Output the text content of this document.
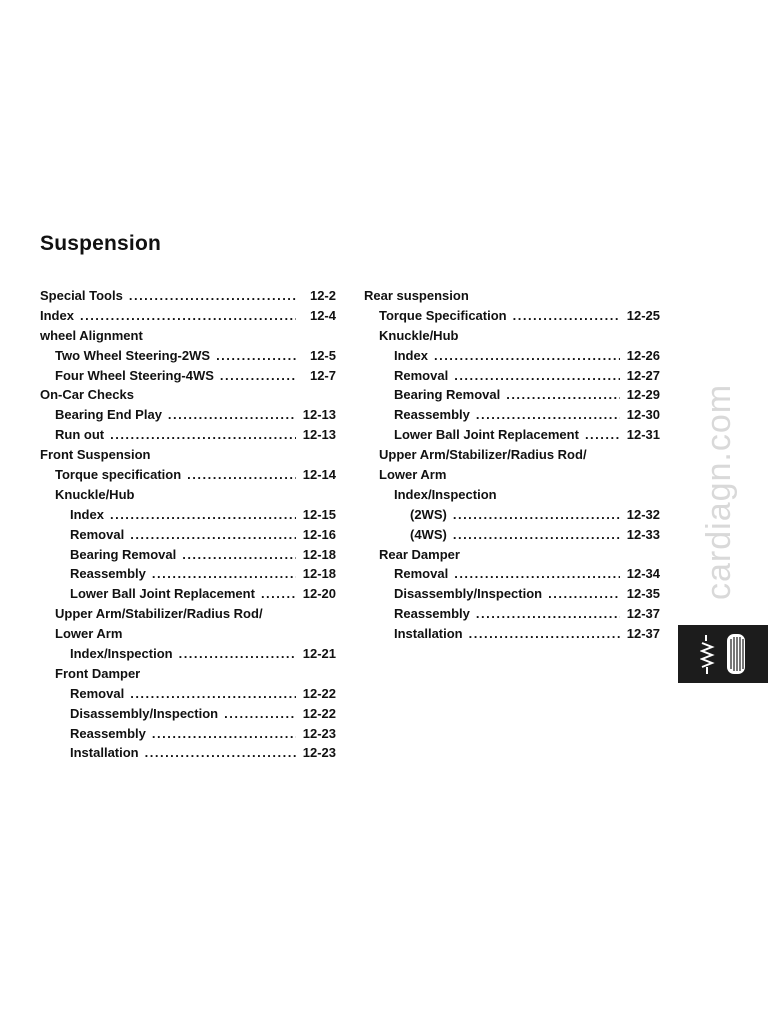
Suspension
Special Tools .....	12-2
Index .....	12-4
wheel Alignment
Two Wheel Steering-2WS .....	12-5
Four Wheel Steering-4WS .....	12-7
On-Car Checks
Bearing End Play .....	12-13
Run out .....	12-13
Front Suspension
Torque specification .....	12-14
Knuckle/Hub
Index .....	12-15
Removal .....	12-16
Bearing Removal .....	12-18
Reassembly .....	12-18
Lower Ball Joint Replacement .....	12-20
Upper Arm/Stabilizer/Radius Rod/
Lower Arm
Index/Inspection .....	12-21
Front Damper
Removal .....	12-22
Disassembly/Inspection .....	12-22
Reassembly .....	12-23
Installation .....	12-23
Rear suspension
Torque Specification .....	12-25
Knuckle/Hub
Index .....	12-26
Removal .....	12-27
Bearing Removal .....	12-29
Reassembly .....	12-30
Lower Ball Joint Replacement .....	12-31
Upper Arm/Stabilizer/Radius Rod/
Lower Arm
Index/Inspection
(2WS) .....	12-32
(4WS) .....	12-33
Rear Damper
Removal .....	12-34
Disassembly/Inspection .....	12-35
Reassembly .....	12-37
Installation .....	12-37
cardiagn.com
